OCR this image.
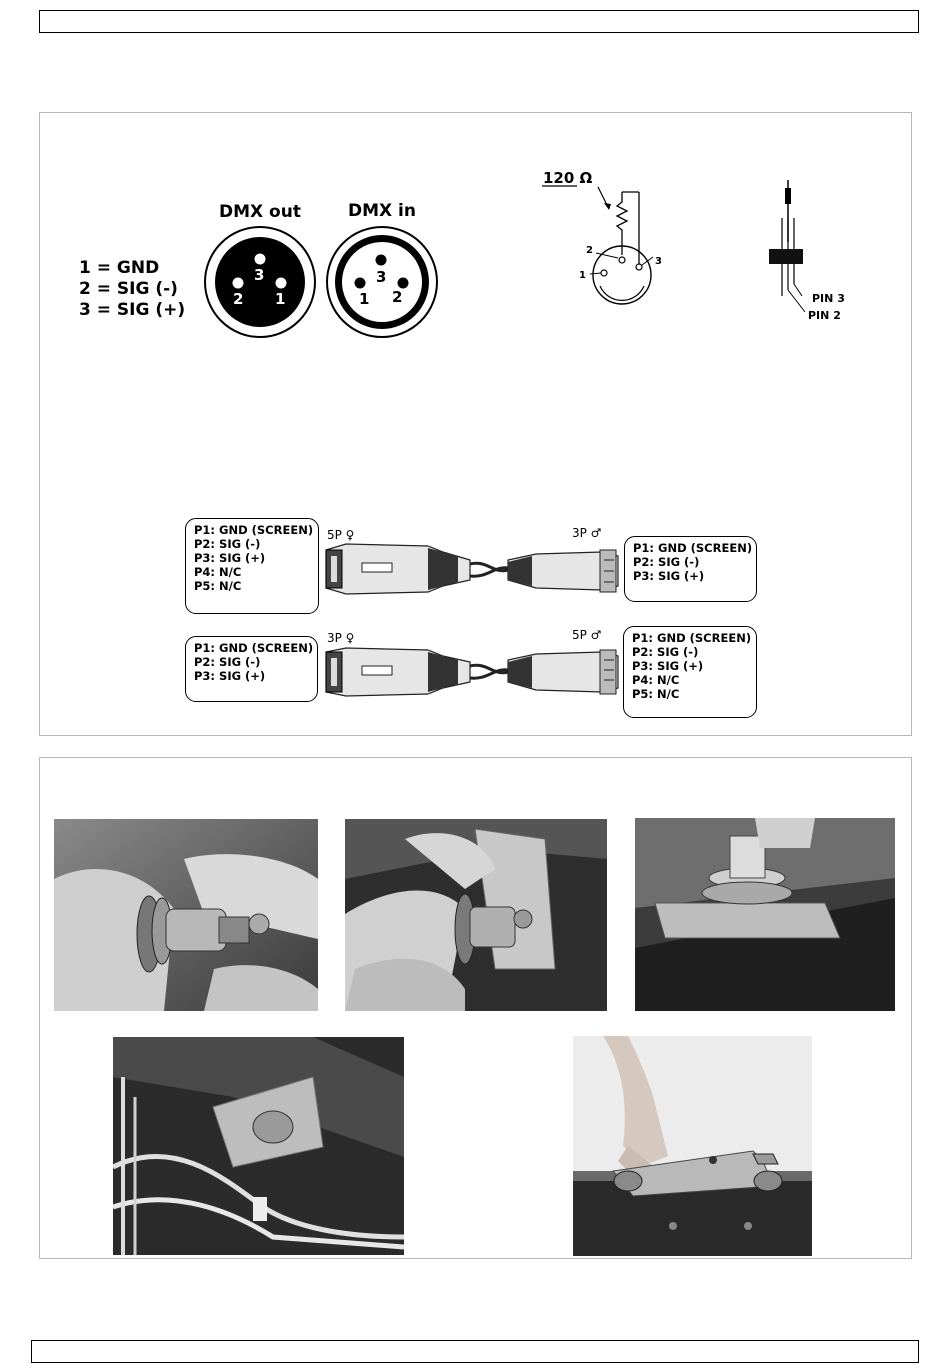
1 = GND
2 = SIG (-)
3 = SIG (+)
DMX out	DMX in
3
2 1
3
1 2
120 Ω
2
1
3
PIN 3
PIN 2
5P ♀	3P ♂
P1: GND (SCREEN)
P2: SIG (-)
P3: SIG (+)
P4: N/C
P5: N/C
P1: GND (SCREEN)
P2: SIG (-)
P3: SIG (+)
3P ♀	5P ♂
P1: GND (SCREEN)
P2: SIG (-)
P3: SIG (+)
P1: GND (SCREEN)
P2: SIG (-)
P3: SIG (+)
P4: N/C
P5: N/C
